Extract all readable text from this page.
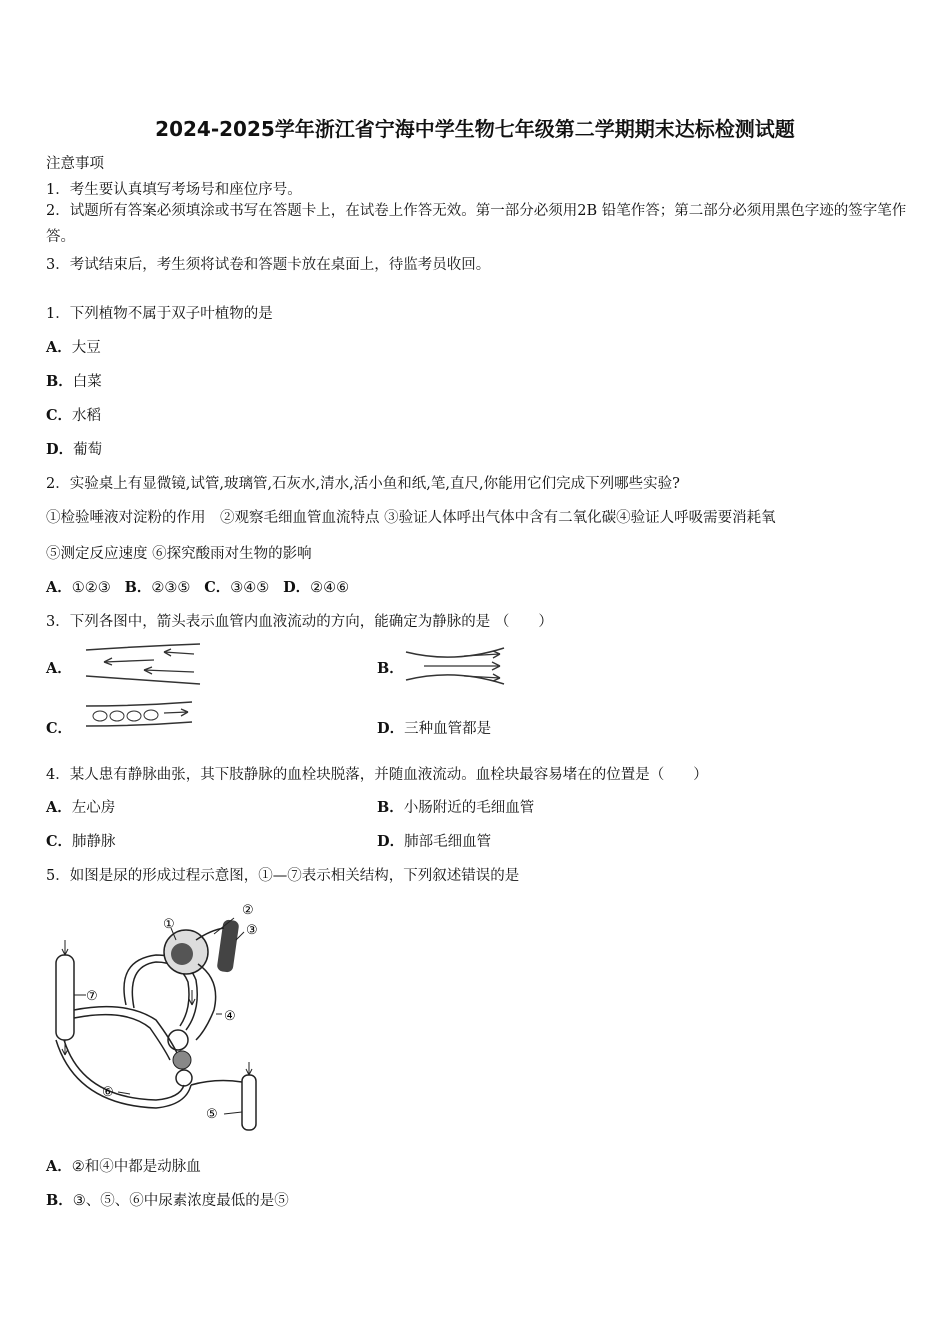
2024-2025学年浙江省宁海中学生物七年级第二学期期末达标检测试题
注意事项
1．考生要认真填写考场号和座位序号。
2．试题所有答案必须填涂或书写在答题卡上，在试卷上作答无效。第一部分必须用2B 铅笔作答；第二部分必须用黑色字迹的签字笔作答。
3．考试结束后，考生须将试卷和答题卡放在桌面上，待监考员收回。
1．下列植物不属于双子叶植物的是
A．大豆
B．白菜
C．水稻
D．葡萄
2．实验桌上有显微镜,试管,玻璃管,石灰水,清水,活小鱼和纸,笔,直尺,你能用它们完成下列哪些实验?
①检验唾液对淀粉的作用　②观察毛细血管血流特点 ③验证人体呼出气体中含有二氧化碳④验证人呼吸需要消耗氧
⑤测定反应速度 ⑥探究酸雨对生物的影响
A．①②③ B．②③⑤ C．③④⑤ D．②④⑥
3．下列各图中，箭头表示血管内血液流动的方向，能确定为静脉的是 （　　）
A．	B．
C．	D．三种血管都是
4．某人患有静脉曲张，其下肢静脉的血栓块脱落，并随血液流动。血栓块最容易堵在的位置是（　　）
A．左心房	B．小肠附近的毛细血管
C．肺静脉	D．肺部毛细血管
5．如图是尿的形成过程示意图，①—⑦表示相关结构，下列叙述错误的是
①
②
③
④
⑤
⑥
⑦
A．②和④中都是动脉血
B．③、⑤、⑥中尿素浓度最低的是⑤
